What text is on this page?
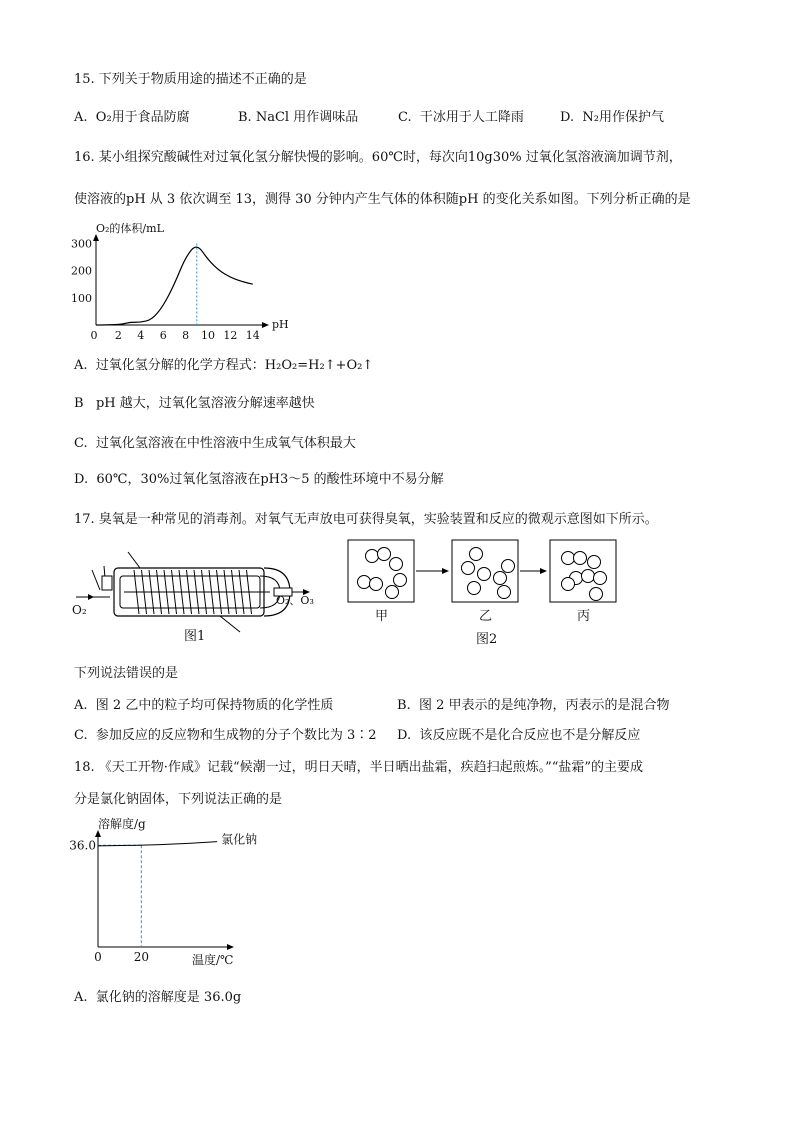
15. 下列关于物质用途的描述不正确的是
A. O₂用于食品防腐	B. NaCl 用作调味品	C. 干冰用于人工降雨	D. N₂用作保护气
16. 某小组探究酸碱性对过氧化氢分解快慢的影响。60℃时，每次向10g30% 过氧化氢溶液滴加调节剂，
使溶液的pH 从 3 依次调至 13，测得 30 分钟内产生气体的体积随pH 的变化关系如图。下列分析正确的是
O₂的体积/mL
pH
100
200
300
0 2 4 6 8 10 12 14
A. 过氧化氢分解的化学方程式：H₂O₂=H₂↑+O₂↑
B pH 越大，过氧化氢溶液分解速率越快
C. 过氧化氢溶液在中性溶液中生成氧气体积最大
D. 60℃，30%过氧化氢溶液在pH3～5 的酸性环境中不易分解
17. 臭氧是一种常见的消毒剂。对氧气无声放电可获得臭氧，实验装置和反应的微观示意图如下所示。
O₂
O₂、O₃
图1
甲	乙	丙
图2
下列说法错误的是
A. 图 2 乙中的粒子均可保持物质的化学性质	B. 图 2 甲表示的是纯净物，丙表示的是混合物
C. 参加反应的反应物和生成物的分子个数比为 3∶2 D. 该反应既不是化合反应也不是分解反应
18. 《天工开物·作咸》记载“候潮一过，明日天晴，半日晒出盐霜，疾趋扫起煎炼。”“盐霜”的主要成
分是氯化钠固体，下列说法正确的是
溶解度/g
温度/℃
36.0
0	20
氯化钠
A. 氯化钠的溶解度是 36.0g
